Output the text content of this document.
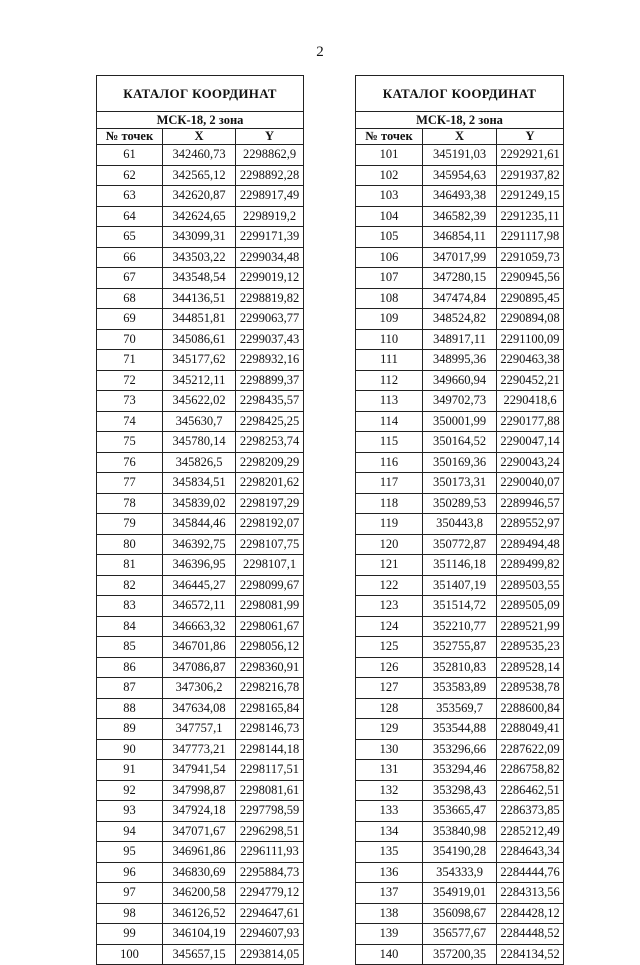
2
КАТАЛОГ КООРДИНАТ		
МСК-18, 2 зона		
№ точек	X	Y
61	342460,73	2298862,9
62	342565,12	2298892,28
63	342620,87	2298917,49
64	342624,65	2298919,2
65	343099,31	2299171,39
66	343503,22	2299034,48
67	343548,54	2299019,12
68	344136,51	2298819,82
69	344851,81	2299063,77
70	345086,61	2299037,43
71	345177,62	2298932,16
72	345212,11	2298899,37
73	345622,02	2298435,57
74	345630,7	2298425,25
75	345780,14	2298253,74
76	345826,5	2298209,29
77	345834,51	2298201,62
78	345839,02	2298197,29
79	345844,46	2298192,07
80	346392,75	2298107,75
81	346396,95	2298107,1
82	346445,27	2298099,67
83	346572,11	2298081,99
84	346663,32	2298061,67
85	346701,86	2298056,12
86	347086,87	2298360,91
87	347306,2	2298216,78
88	347634,08	2298165,84
89	347757,1	2298146,73
90	347773,21	2298144,18
91	347941,54	2298117,51
92	347998,87	2298081,61
93	347924,18	2297798,59
94	347071,67	2296298,51
95	346961,86	2296111,93
96	346830,69	2295884,73
97	346200,58	2294779,12
98	346126,52	2294647,61
99	346104,19	2294607,93
100	345657,15	2293814,05
КАТАЛОГ КООРДИНАТ		
МСК-18, 2 зона		
№ точек	X	Y
101	345191,03	2292921,61
102	345954,63	2291937,82
103	346493,38	2291249,15
104	346582,39	2291235,11
105	346854,11	2291117,98
106	347017,99	2291059,73
107	347280,15	2290945,56
108	347474,84	2290895,45
109	348524,82	2290894,08
110	348917,11	2291100,09
111	348995,36	2290463,38
112	349660,94	2290452,21
113	349702,73	2290418,6
114	350001,99	2290177,88
115	350164,52	2290047,14
116	350169,36	2290043,24
117	350173,31	2290040,07
118	350289,53	2289946,57
119	350443,8	2289552,97
120	350772,87	2289494,48
121	351146,18	2289499,82
122	351407,19	2289503,55
123	351514,72	2289505,09
124	352210,77	2289521,99
125	352755,87	2289535,23
126	352810,83	2289528,14
127	353583,89	2289538,78
128	353569,7	2288600,84
129	353544,88	2288049,41
130	353296,66	2287622,09
131	353294,46	2286758,82
132	353298,43	2286462,51
133	353665,47	2286373,85
134	353840,98	2285212,49
135	354190,28	2284643,34
136	354333,9	2284444,76
137	354919,01	2284313,56
138	356098,67	2284428,12
139	356577,67	2284448,52
140	357200,35	2284134,52
